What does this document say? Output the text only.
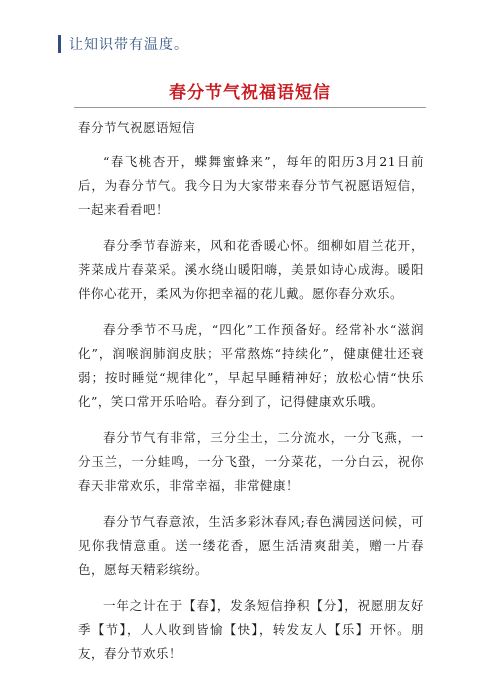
让知识带有温度。
春分节气祝福语短信

春分节气祝愿语短信

“春飞桃杏开，蝶舞蜜蜂来”，每年的阳历3月21日前后，为春分节气。我今日为大家带来春分节气祝愿语短信，一起来看看吧！

春分季节春游来，风和花香暖心怀。细柳如眉兰花开，荠菜成片春菜采。溪水绕山暖阳嗨，美景如诗心成海。暖阳伴你心花开，柔风为你把幸福的花儿戴。愿你春分欢乐。

春分季节不马虎，“四化”工作预备好。经常补水“滋润化”，润喉润肺润皮肤；平常熬炼“持续化”，健康健壮还衰弱；按时睡觉“规律化”，早起早睡精神好；放松心情“快乐化”，笑口常开乐哈哈。春分到了，记得健康欢乐哦。

春分节气有非常，三分尘土，二分流水，一分飞燕，一分玉兰，一分蛙鸣，一分飞蛩，一分菜花，一分白云，祝你春天非常欢乐，非常幸福，非常健康！

春分节气春意浓，生活多彩沐春风;春色满园送问候，可见你我情意重。送一缕花香，愿生活清爽甜美，赠一片春色，愿每天精彩缤纷。

一年之计在于【春】，发条短信挣积【分】，祝愿朋友好季【节】，人人收到皆愉【快】，转发友人【乐】开怀。朋友，春分节欢乐！
